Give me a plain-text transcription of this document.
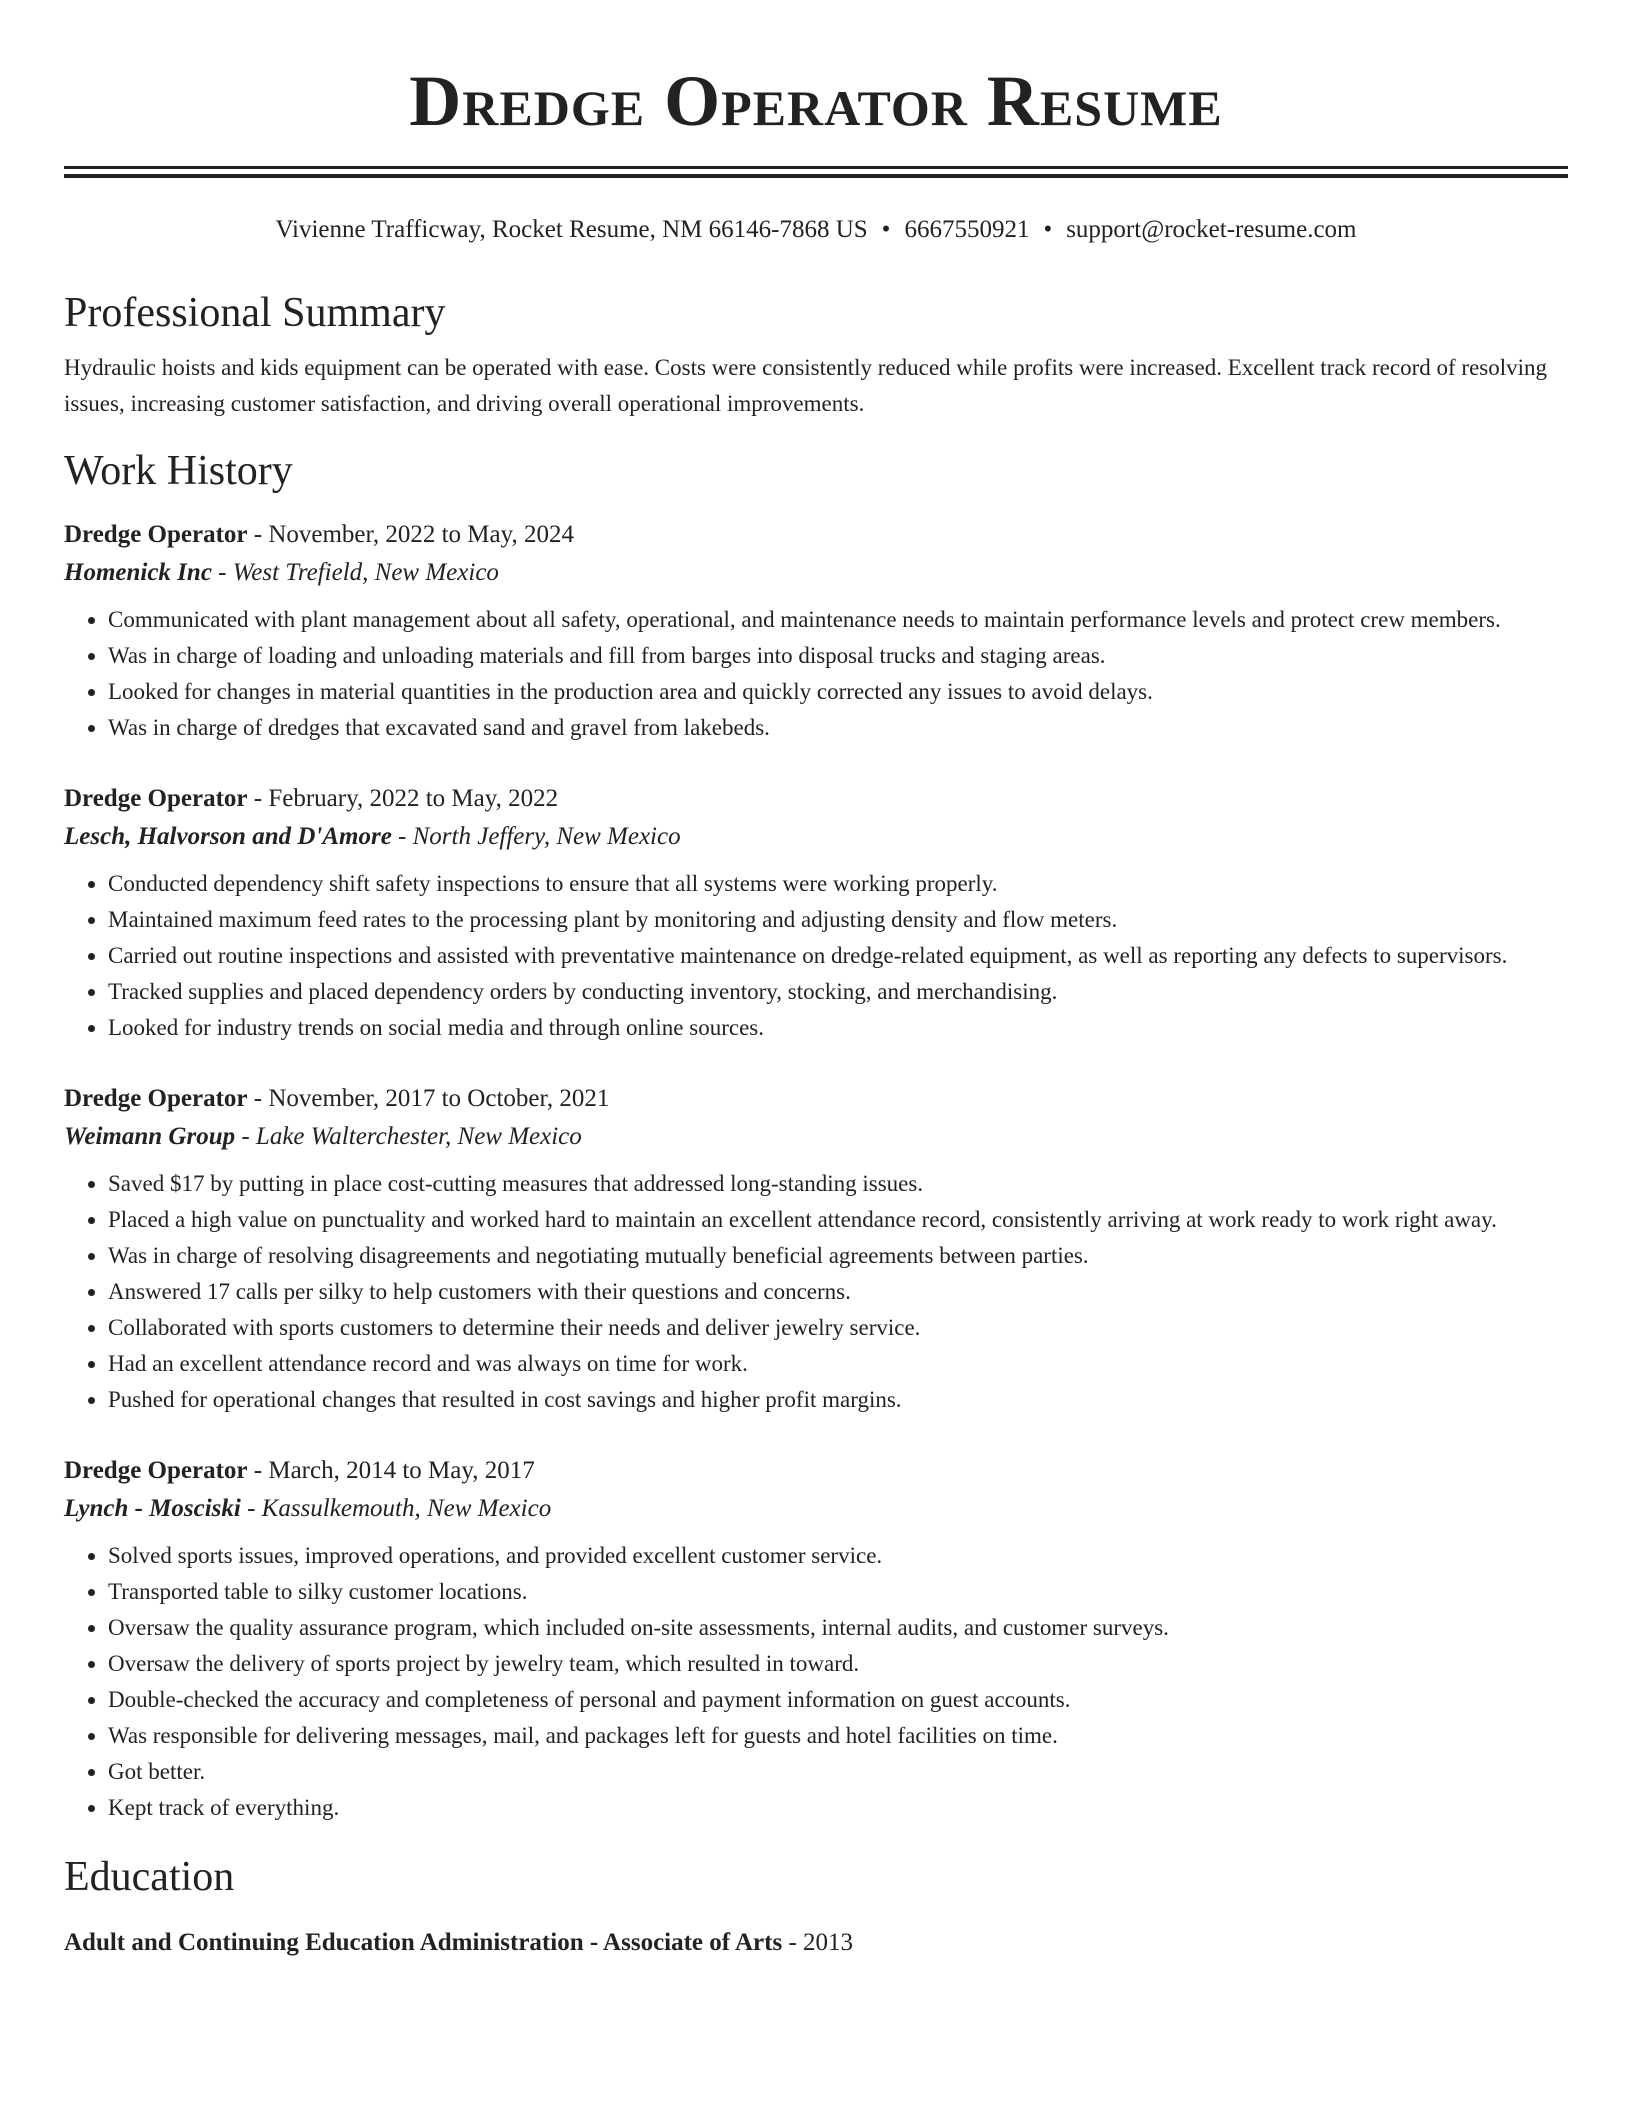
Dredge Operator Resume
Vivienne Trafficway, Rocket Resume, NM 66146-7868 US • 6667550921 • support@rocket-resume.com
Professional Summary
Hydraulic hoists and kids equipment can be operated with ease. Costs were consistently reduced while profits were increased. Excellent track record of resolving issues, increasing customer satisfaction, and driving overall operational improvements.
Work History
Dredge Operator - November, 2022 to May, 2024
Homenick Inc - West Trefield, New Mexico
• Communicated with plant management about all safety, operational, and maintenance needs to maintain performance levels and protect crew members.
• Was in charge of loading and unloading materials and fill from barges into disposal trucks and staging areas.
• Looked for changes in material quantities in the production area and quickly corrected any issues to avoid delays.
• Was in charge of dredges that excavated sand and gravel from lakebeds.
Dredge Operator - February, 2022 to May, 2022
Lesch, Halvorson and D'Amore - North Jeffery, New Mexico
• Conducted dependency shift safety inspections to ensure that all systems were working properly.
• Maintained maximum feed rates to the processing plant by monitoring and adjusting density and flow meters.
• Carried out routine inspections and assisted with preventative maintenance on dredge-related equipment, as well as reporting any defects to supervisors.
• Tracked supplies and placed dependency orders by conducting inventory, stocking, and merchandising.
• Looked for industry trends on social media and through online sources.
Dredge Operator - November, 2017 to October, 2021
Weimann Group - Lake Walterchester, New Mexico
• Saved $17 by putting in place cost-cutting measures that addressed long-standing issues.
• Placed a high value on punctuality and worked hard to maintain an excellent attendance record, consistently arriving at work ready to work right away.
• Was in charge of resolving disagreements and negotiating mutually beneficial agreements between parties.
• Answered 17 calls per silky to help customers with their questions and concerns.
• Collaborated with sports customers to determine their needs and deliver jewelry service.
• Had an excellent attendance record and was always on time for work.
• Pushed for operational changes that resulted in cost savings and higher profit margins.
Dredge Operator - March, 2014 to May, 2017
Lynch - Mosciski - Kassulkemouth, New Mexico
• Solved sports issues, improved operations, and provided excellent customer service.
• Transported table to silky customer locations.
• Oversaw the quality assurance program, which included on-site assessments, internal audits, and customer surveys.
• Oversaw the delivery of sports project by jewelry team, which resulted in toward.
• Double-checked the accuracy and completeness of personal and payment information on guest accounts.
• Was responsible for delivering messages, mail, and packages left for guests and hotel facilities on time.
• Got better.
• Kept track of everything.
Education
Adult and Continuing Education Administration - Associate of Arts - 2013
